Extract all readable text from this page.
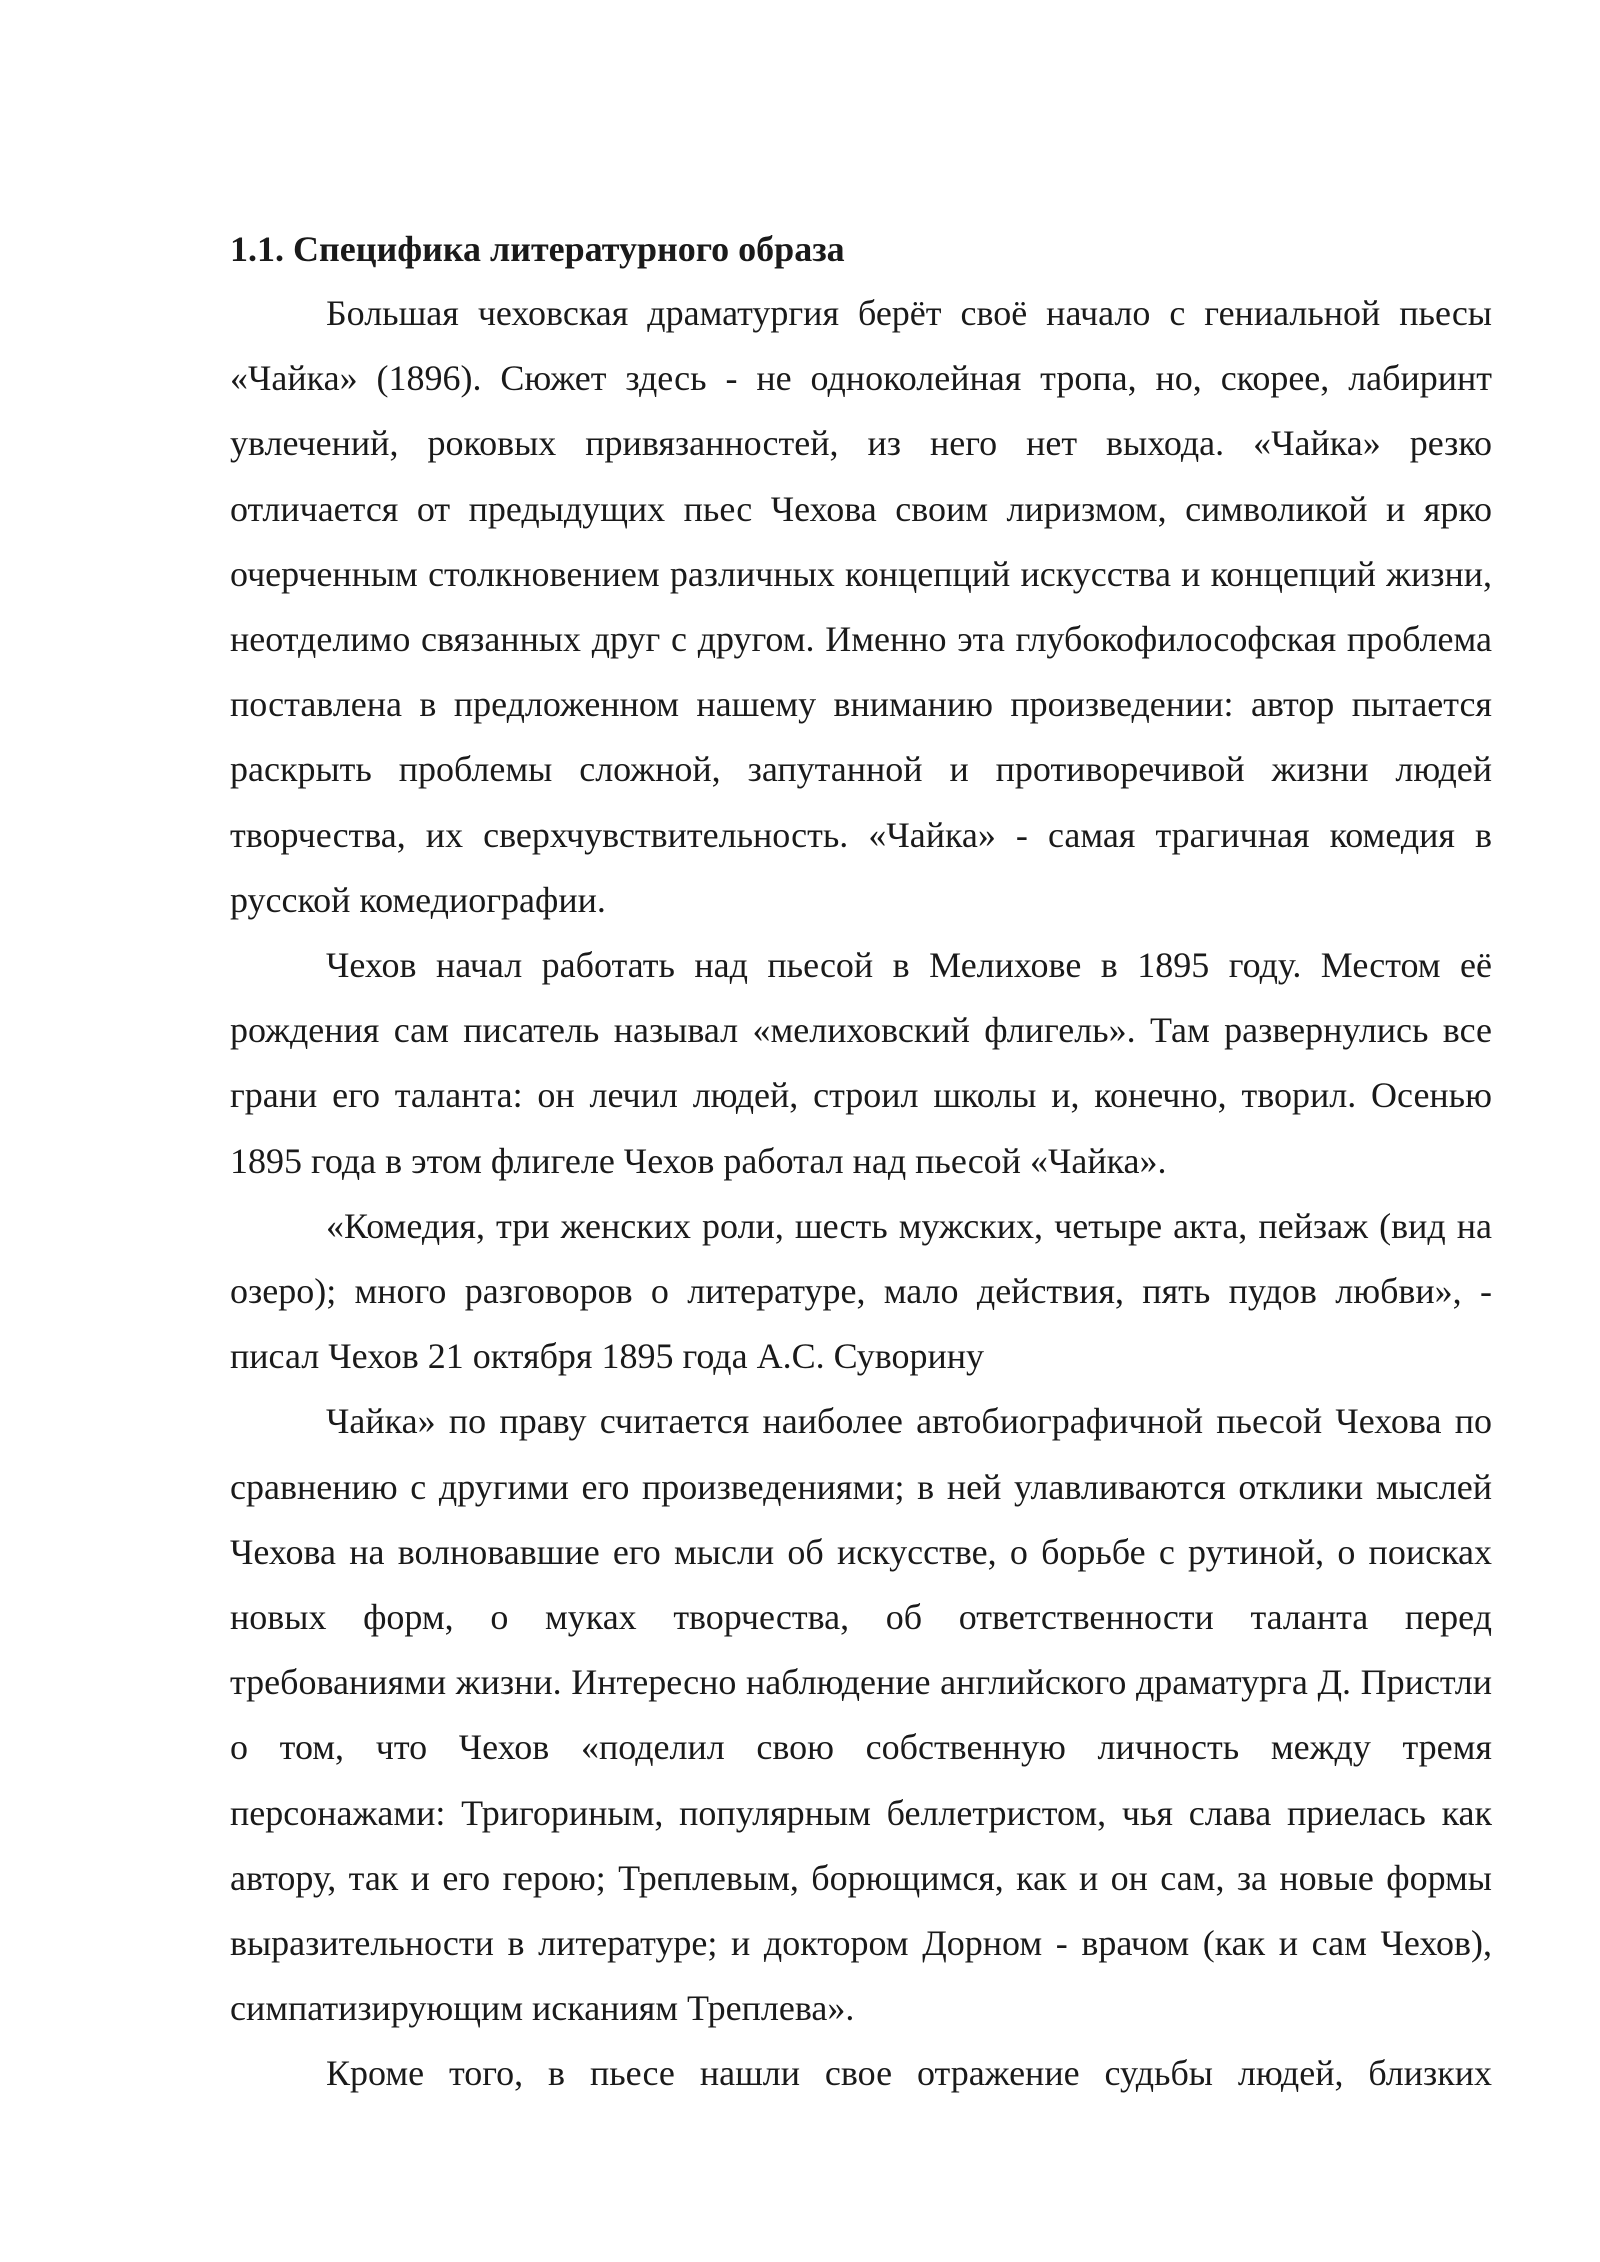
1.1. Специфика литературного образа

Большая чеховская драматургия берёт своё начало с гениальной пьесы «Чайка» (1896). Сюжет здесь - не одноколейная тропа, но, скорее, лабиринт увлечений, роковых привязанностей, из него нет выхода. «Чайка» резко отличается от предыдущих пьес Чехова своим лиризмом, символикой и ярко очерченным столкновением различных концепций искусства и концепций жизни, неотделимо связанных друг с другом. Именно эта глубокофилософская проблема поставлена в предложенном нашему вниманию произведении: автор пытается раскрыть проблемы сложной, запутанной и противоречивой жизни людей творчества, их сверхчувствительность. «Чайка» - самая трагичная комедия в русской комедиографии.

Чехов начал работать над пьесой в Мелихове в 1895 году. Местом её рождения сам писатель называл «мелиховский флигель». Там развернулись все грани его таланта: он лечил людей, строил школы и, конечно, творил. Осенью 1895 года в этом флигеле Чехов работал над пьесой «Чайка».

«Комедия, три женских роли, шесть мужских, четыре акта, пейзаж (вид на озеро); много разговоров о литературе, мало действия, пять пудов любви», - писал Чехов 21 октября 1895 года А.С. Суворину

Чайка» по праву считается наиболее автобиографичной пьесой Чехова по сравнению с другими его произведениями; в ней улавливаются отклики мыслей Чехова на волновавшие его мысли об искусстве, о борьбе с рутиной, о поисках новых форм, о муках творчества, об ответственности таланта перед требованиями жизни. Интересно наблюдение английского драматурга Д. Пристли о том, что Чехов «поделил свою собственную личность между тремя персонажами: Тригориным, популярным беллетристом, чья слава приелась как автору, так и его герою; Треплевым, борющимся, как и он сам, за новые формы выразительности в литературе; и доктором Дорном - врачом (как и сам Чехов), симпатизирующим исканиям Треплева».

Кроме того, в пьесе нашли свое отражение судьбы людей, близких
